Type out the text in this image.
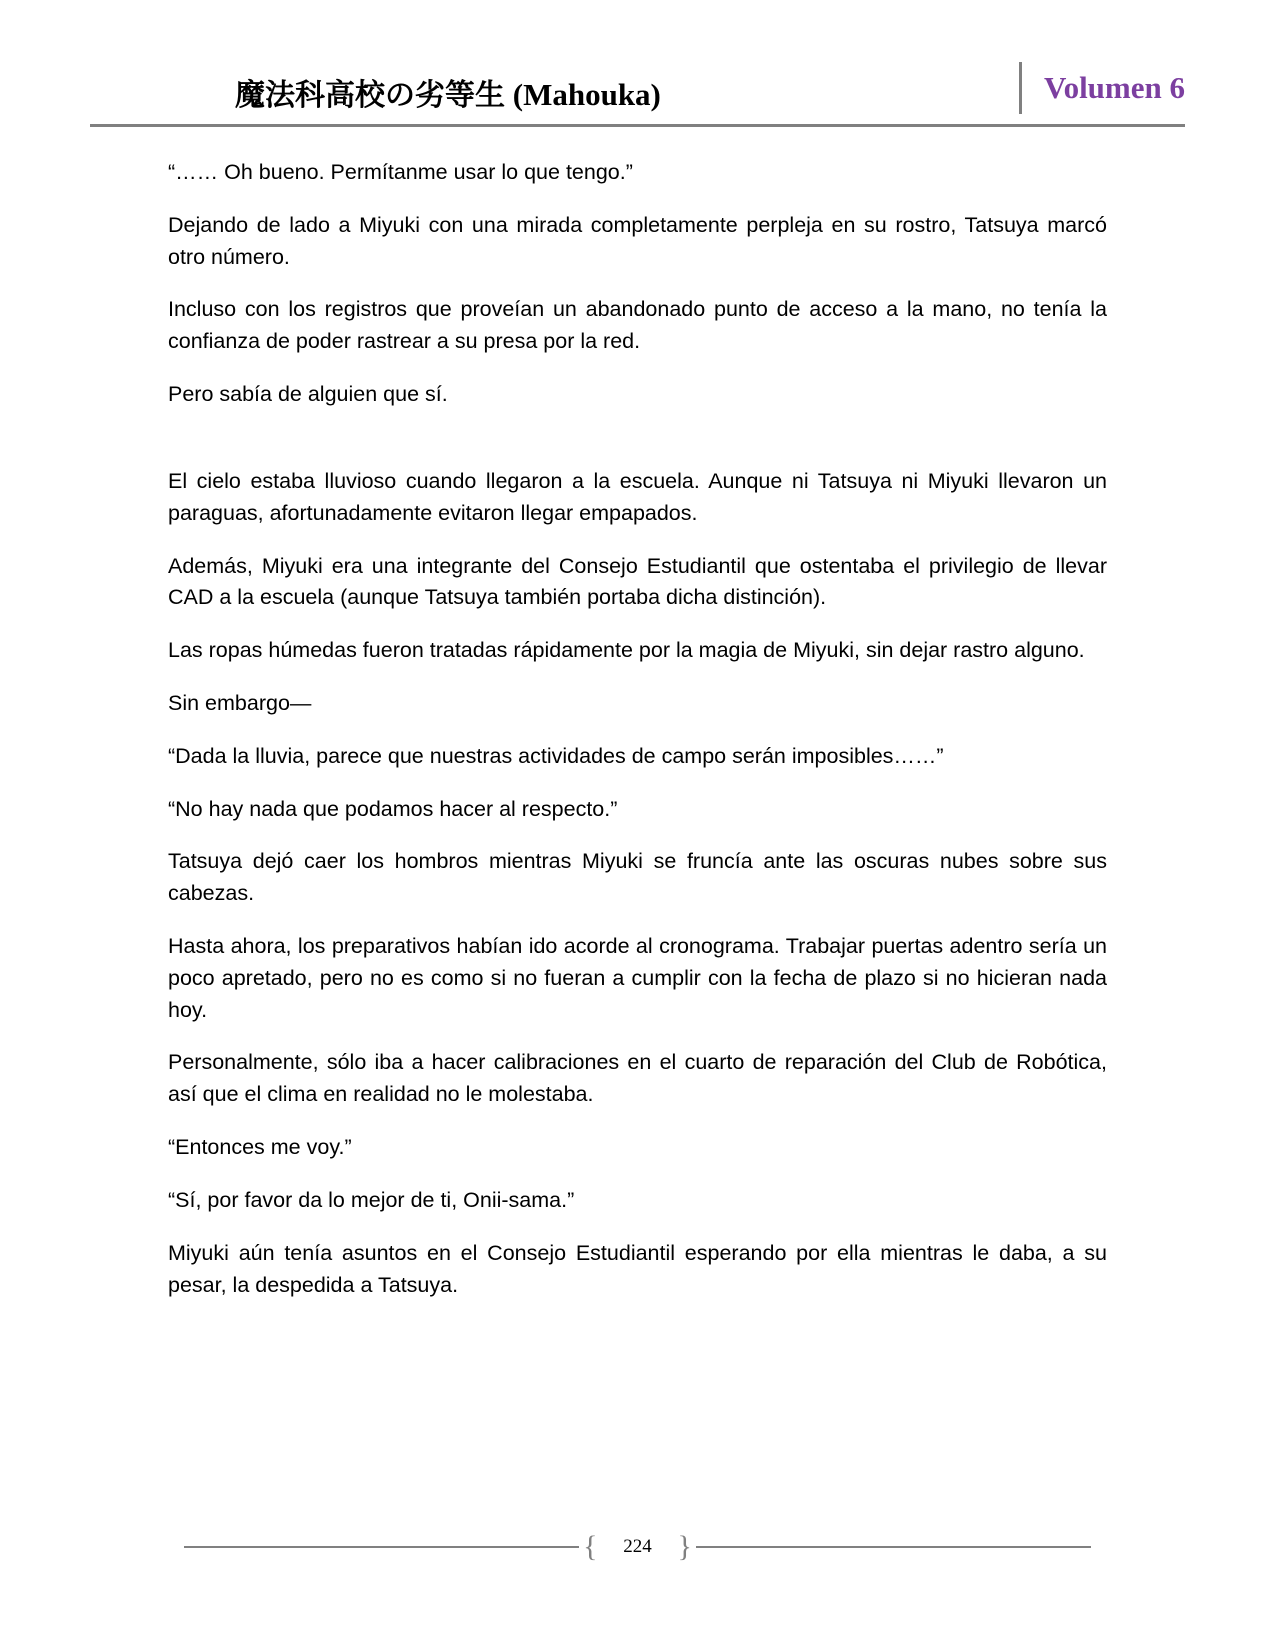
魔法科高校の劣等生 (Mahouka)	Volumen 6

“…… Oh bueno. Permítanme usar lo que tengo.”

Dejando de lado a Miyuki con una mirada completamente perpleja en su rostro, Tatsuya marcó otro número.

Incluso con los registros que proveían un abandonado punto de acceso a la mano, no tenía la confianza de poder rastrear a su presa por la red.

Pero sabía de alguien que sí.

El cielo estaba lluvioso cuando llegaron a la escuela. Aunque ni Tatsuya ni Miyuki llevaron un paraguas, afortunadamente evitaron llegar empapados.

Además, Miyuki era una integrante del Consejo Estudiantil que ostentaba el privilegio de llevar CAD a la escuela (aunque Tatsuya también portaba dicha distinción).

Las ropas húmedas fueron tratadas rápidamente por la magia de Miyuki, sin dejar rastro alguno.

Sin embargo—

“Dada la lluvia, parece que nuestras actividades de campo serán imposibles……”

“No hay nada que podamos hacer al respecto.”

Tatsuya dejó caer los hombros mientras Miyuki se fruncía ante las oscuras nubes sobre sus cabezas.

Hasta ahora, los preparativos habían ido acorde al cronograma. Trabajar puertas adentro sería un poco apretado, pero no es como si no fueran a cumplir con la fecha de plazo si no hicieran nada hoy.

Personalmente, sólo iba a hacer calibraciones en el cuarto de reparación del Club de Robótica, así que el clima en realidad no le molestaba.

“Entonces me voy.”

“Sí, por favor da lo mejor de ti, Onii-sama.”

Miyuki aún tenía asuntos en el Consejo Estudiantil esperando por ella mientras le daba, a su pesar, la despedida a Tatsuya.

{	224 }
